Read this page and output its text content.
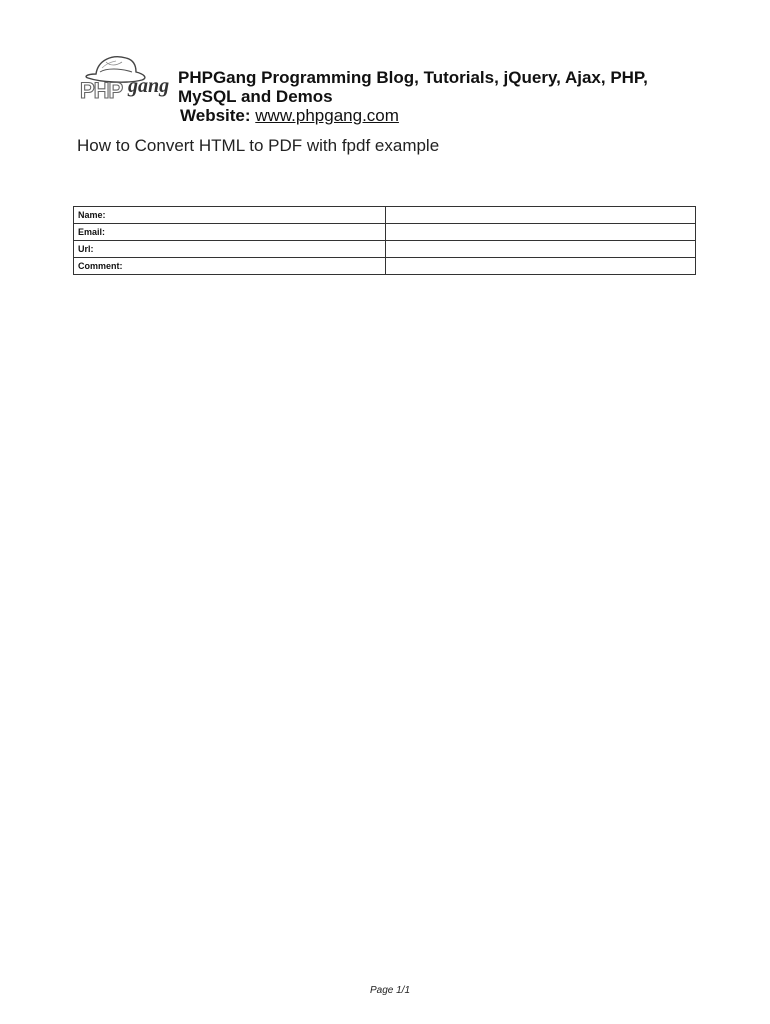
PHP gang PHPGang Programming Blog, Tutorials, jQuery, Ajax, PHP,

MySQL and Demos

Website: www.phpgang.com

How to Convert HTML to PDF with fpdf example
Name:	
Email:	
Url:	
Comment:	
Page 1/1
